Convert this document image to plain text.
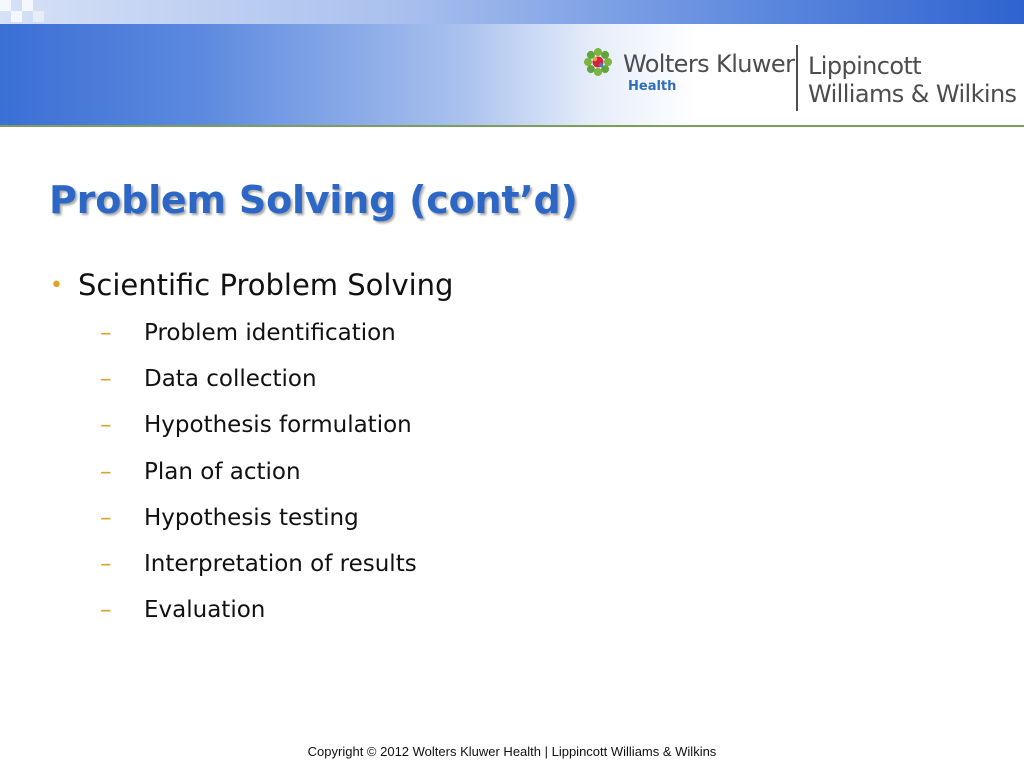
Wolters Kluwer
Health
Lippincott
Williams & Wilkins
Problem Solving (cont’d)
• Scientific Problem Solving
–	Problem identification
–	Data collection
–	Hypothesis formulation
–	Plan of action
–	Hypothesis testing
–	Interpretation of results
–	Evaluation
Copyright © 2012 Wolters Kluwer Health | Lippincott Williams & Wilkins
